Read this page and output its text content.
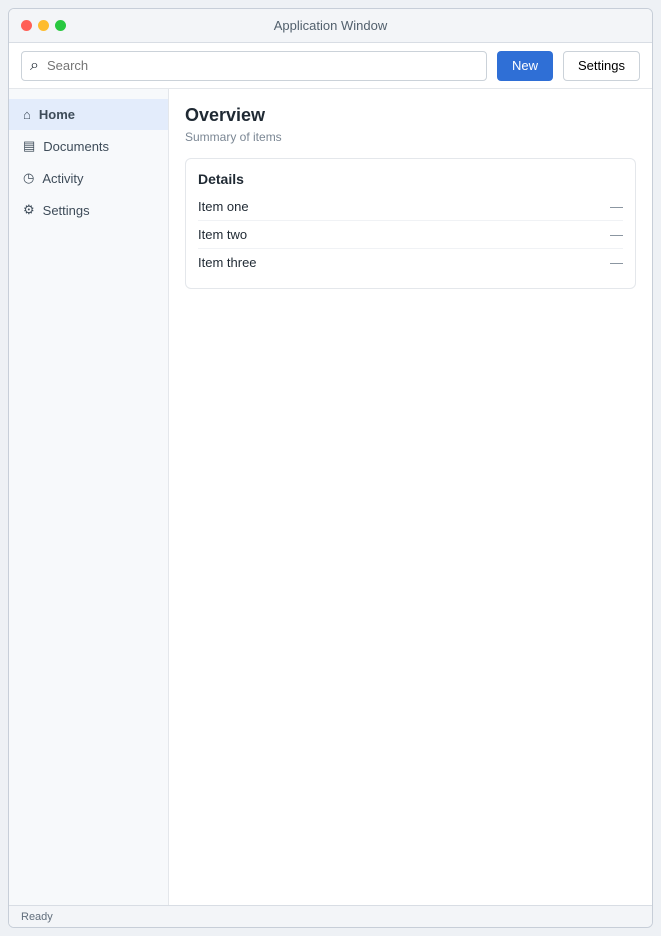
Application Window
⌕
Search	New	Settings
⌂ Home
▤ Documents
◷ Activity
⚙ Settings
Overview

Summary of items

Details
Item one	—
Item two	—
Item three	—
Ready
